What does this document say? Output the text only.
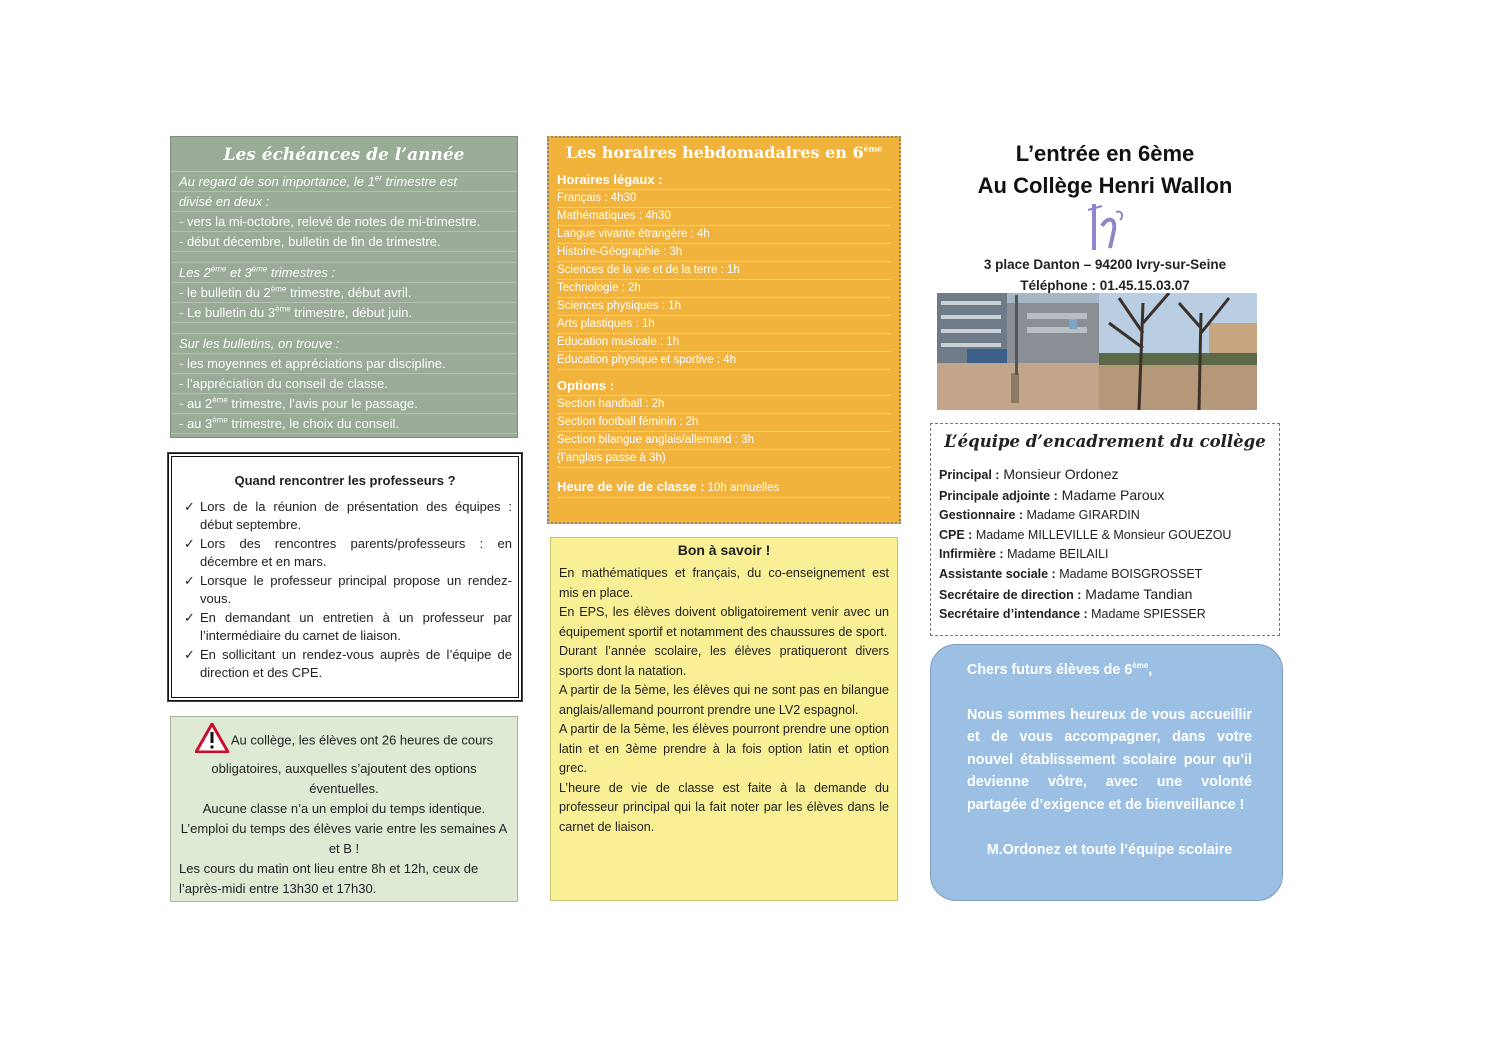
Les échéances de l’année
Au regard de son importance, le 1er trimestre est
divisé en deux :
- vers la mi-octobre, relevé de notes de mi-trimestre.
- début décembre, bulletin de fin de trimestre.
Les 2ème et 3ème trimestres :
- le bulletin du 2ème trimestre, début avril.
- Le bulletin du 3ème trimestre, début juin.
Sur les bulletins, on trouve :
- les moyennes et appréciations par discipline.
- l’appréciation du conseil de classe.
- au 2ème trimestre, l’avis pour le passage.
- au 3ème trimestre, le choix du conseil.
Quand rencontrer les professeurs ?
✓ Lors de la réunion de présentation des équipes : début septembre.
✓ Lors des rencontres parents/professeurs : en décembre et en mars.
✓ Lorsque le professeur principal propose un rendez-vous.
✓ En demandant un entretien à un professeur par l’intermédiaire du carnet de liaison.
✓ En sollicitant un rendez-vous auprès de l’équipe de direction et des CPE.
Au collège, les élèves ont 26 heures de cours obligatoires, auxquelles s’ajoutent des options éventuelles.
Aucune classe n’a un emploi du temps identique.
L’emploi du temps des élèves varie entre les semaines A et B !
Les cours du matin ont lieu entre 8h et 12h, ceux de l’après-midi entre 13h30 et 17h30.
Les horaires hebdomadaires en 6ème
Horaires légaux :
Français : 4h30
Mathématiques : 4h30
Langue vivante étrangère : 4h
Histoire-Géographie : 3h
Sciences de la vie et de la terre : 1h
Technologie : 2h
Sciences physiques : 1h
Arts plastiques : 1h
Education musicale : 1h
Education physique et sportive : 4h
Options :
Section handball : 2h
Section football féminin : 2h
Section bilangue anglais/allemand : 3h
(l’anglais passe à 3h)
Heure de vie de classe : 10h annuelles
Bon à savoir !

En mathématiques et français, du co-enseignement est mis en place.

En EPS, les élèves doivent obligatoirement venir avec un équipement sportif et notamment des chaussures de sport.

Durant l’année scolaire, les élèves pratiqueront divers sports dont la natation.

A partir de la 5ème, les élèves qui ne sont pas en bilangue anglais/allemand pourront prendre une LV2 espagnol.

A partir de la 5ème, les élèves pourront prendre une option latin et en 3ème prendre à la fois option latin et option grec.

L’heure de vie de classe est faite à la demande du professeur principal qui la fait noter par les élèves dans le carnet de liaison.

L’entrée en 6ème
Au Collège Henri Wallon
3 place Danton – 94200 Ivry-sur-Seine
Téléphone : 01.45.15.03.07
L’équipe d’encadrement du collège
Principal : Monsieur Ordonez
Principale adjointe : Madame Paroux
Gestionnaire : Madame GIRARDIN
CPE : Madame MILLEVILLE & Monsieur GOUEZOU
Infirmière : Madame BEILAILI
Assistante sociale : Madame BOISGROSSET
Secrétaire de direction : Madame Tandian
Secrétaire d’intendance : Madame SPIESSER

Chers futurs élèves de 6ème,

Nous sommes heureux de vous accueillir et de vous accompagner, dans votre nouvel établissement scolaire pour qu’il devienne vôtre, avec une volonté partagée d’exigence et de bienveillance !

M.Ordonez et toute l’équipe scolaire
